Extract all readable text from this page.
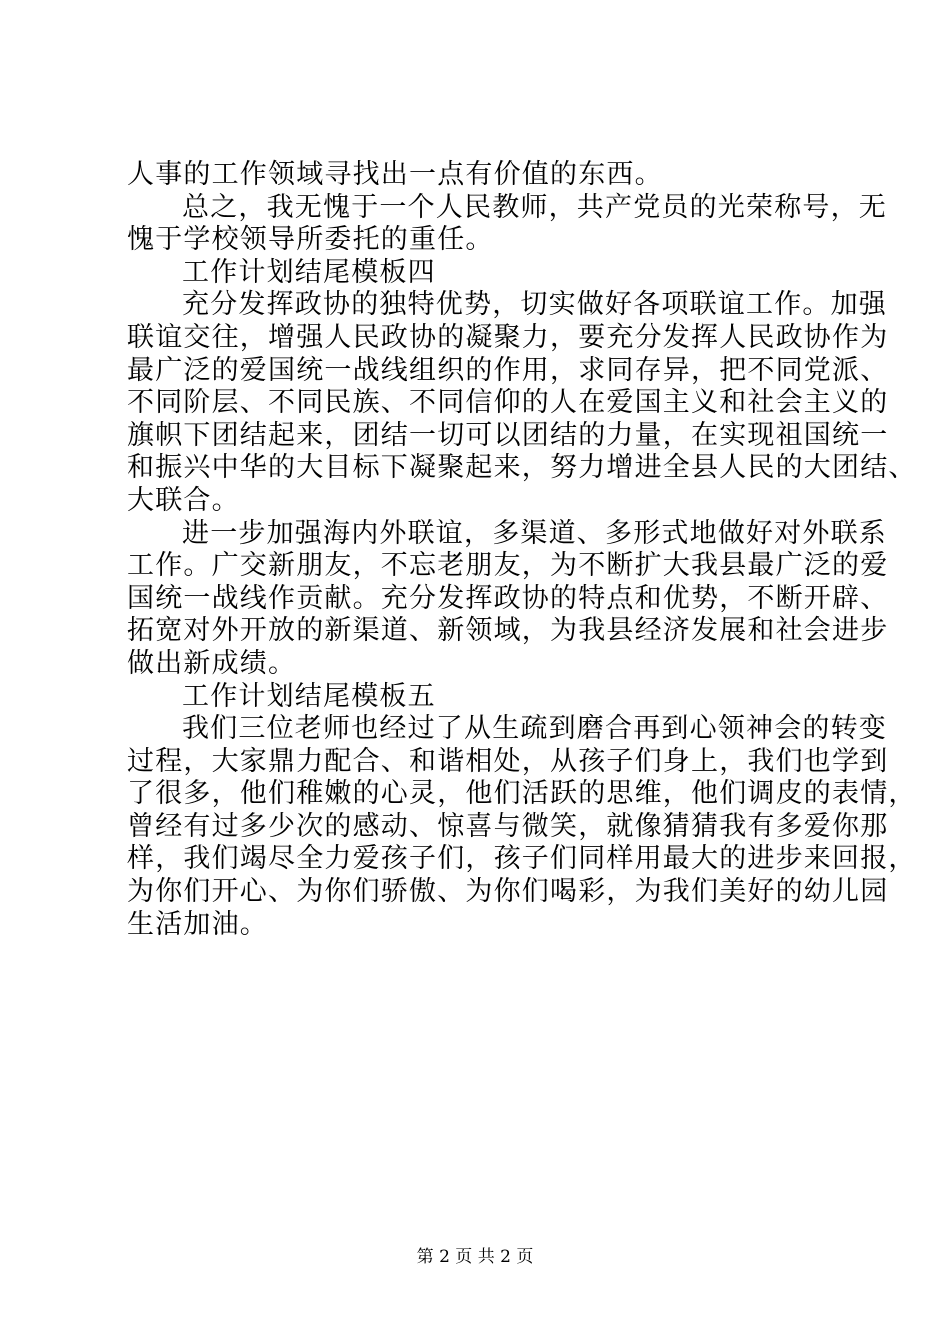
人事的工作领域寻找出一点有价值的东西。
总之，我无愧于一个人民教师，共产党员的光荣称号，无
愧于学校领导所委托的重任。
工作计划结尾模板四
充分发挥政协的独特优势，切实做好各项联谊工作。加强
联谊交往，增强人民政协的凝聚力，要充分发挥人民政协作为
最广泛的爱国统一战线组织的作用，求同存异，把不同党派、
不同阶层、不同民族、不同信仰的人在爱国主义和社会主义的
旗帜下团结起来，团结一切可以团结的力量，在实现祖国统一
和振兴中华的大目标下凝聚起来，努力增进全县人民的大团结、
大联合。
进一步加强海内外联谊，多渠道、多形式地做好对外联系
工作。广交新朋友，不忘老朋友，为不断扩大我县最广泛的爱
国统一战线作贡献。充分发挥政协的特点和优势，不断开辟、
拓宽对外开放的新渠道、新领域，为我县经济发展和社会进步
做出新成绩。
工作计划结尾模板五
我们三位老师也经过了从生疏到磨合再到心领神会的转变
过程，大家鼎力配合、和谐相处，从孩子们身上，我们也学到
了很多，他们稚嫩的心灵，他们活跃的思维，他们调皮的表情，
曾经有过多少次的感动、惊喜与微笑，就像猜猜我有多爱你那
样，我们竭尽全力爱孩子们，孩子们同样用最大的进步来回报，
为你们开心、为你们骄傲、为你们喝彩，为我们美好的幼儿园
生活加油。
第 2 页 共 2 页
